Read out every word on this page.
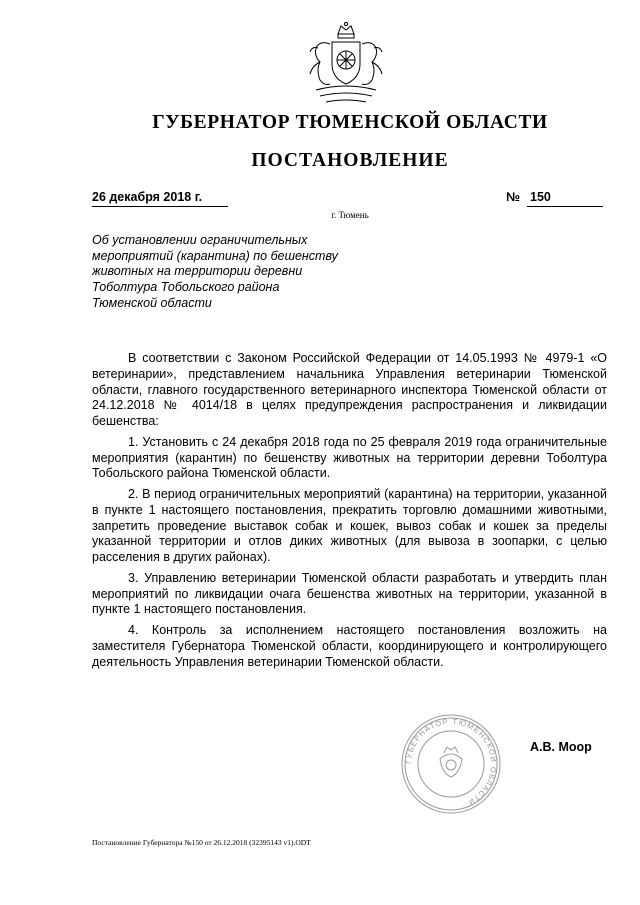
ГУБЕРНАТОР ТЮМЕНСКОЙ ОБЛАСТИ
ПОСТАНОВЛЕНИЕ
26 декабря 2018 г.	№ 150
г. Тюмень
Об установлении ограничительных
мероприятий (карантина) по бешенству
животных на территории деревни
Тоболтура Тобольского района
Тюменской области

В соответствии с Законом Российской Федерации от 14.05.1993 № 4979-1 «О ветеринарии», представлением начальника Управления ветеринарии Тюменской области, главного государственного ветеринарного инспектора Тюменской области от 24.12.2018 № 4014/18 в целях предупреждения распространения и ликвидации бешенства:

1. Установить с 24 декабря 2018 года по 25 февраля 2019 года ограничительные мероприятия (карантин) по бешенству животных на территории деревни Тоболтура Тобольского района Тюменской области.

2. В период ограничительных мероприятий (карантина) на территории, указанной в пункте 1 настоящего постановления, прекратить торговлю домашними животными, запретить проведение выставок собак и кошек, вывоз собак и кошек за пределы указанной территории и отлов диких животных (для вывоза в зоопарки, с целью расселения в других районах).

3. Управлению ветеринарии Тюменской области разработать и утвердить план мероприятий по ликвидации очага бешенства животных на территории, указанной в пункте 1 настоящего постановления.

4. Контроль за исполнением настоящего постановления возложить на заместителя Губернатора Тюменской области, координирующего и контролирующего деятельность Управления ветеринарии Тюменской области.

ГУБЕРНАТОР ТЮМЕНСКОЙ ОБЛАСТИ
А.В. Моор
Постановление Губернатора №150 от 26.12.2018 (32395143 v1).ODT
